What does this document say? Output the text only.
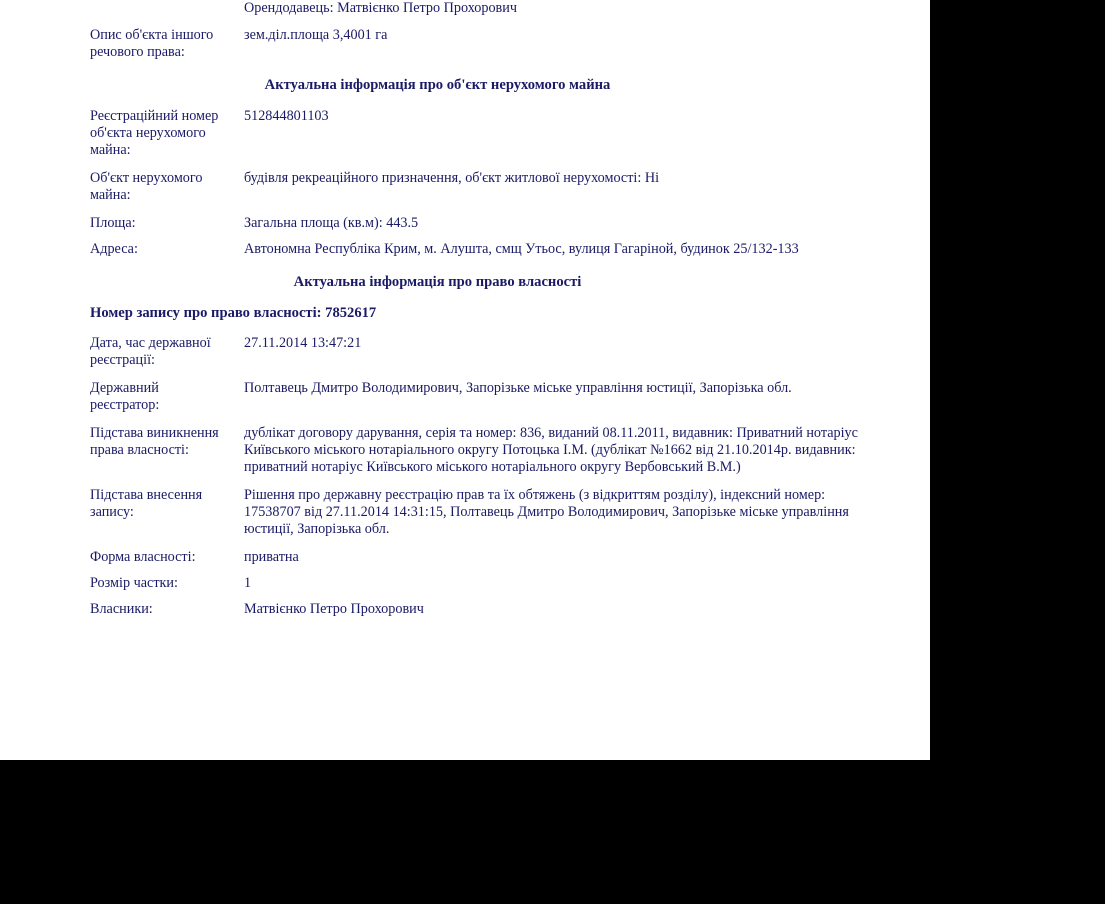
Орендодавець: Матвієнко Петро Прохорович
Опис об'єкта іншого речового права:
зем.діл.площа 3,4001 га
Актуальна інформація про об'єкт нерухомого майна
Реєстраційний номер об'єкта нерухомого майна:
512844801103
Об'єкт нерухомого майна:
будівля рекреаційного призначення, об'єкт житлової нерухомості: Ні
Площа:	Загальна площа (кв.м): 443.5
Адреса:	Автономна Республіка Крим, м. Алушта, смщ Утьос, вулиця Гагаріной, будинок 25/132-133
Актуальна інформація про право власності
Номер запису про право власності: 7852617
Дата, час державної реєстрації:
27.11.2014 13:47:21
Державний реєстратор:
Полтавець Дмитро Володимирович, Запорізьке міське управління юстиції, Запорізька обл.
Підстава виникнення права власності:
дублікат договору дарування, серія та номер: 836, виданий 08.11.2011, видавник: Приватний нотаріус Київського міського нотаріального округу Потоцька І.М. (дублікат №1662 від 21.10.2014р. видавник: приватний нотаріус Київського міського нотаріального округу Вербовський В.М.)
Підстава внесення запису:
Рішення про державну реєстрацію прав та їх обтяжень (з відкриттям розділу), індексний номер: 17538707 від 27.11.2014 14:31:15, Полтавець Дмитро Володимирович, Запорізьке міське управління юстиції, Запорізька обл.
Форма власності:	приватна
Розмір частки:	1
Власники:	Матвієнко Петро Прохорович
